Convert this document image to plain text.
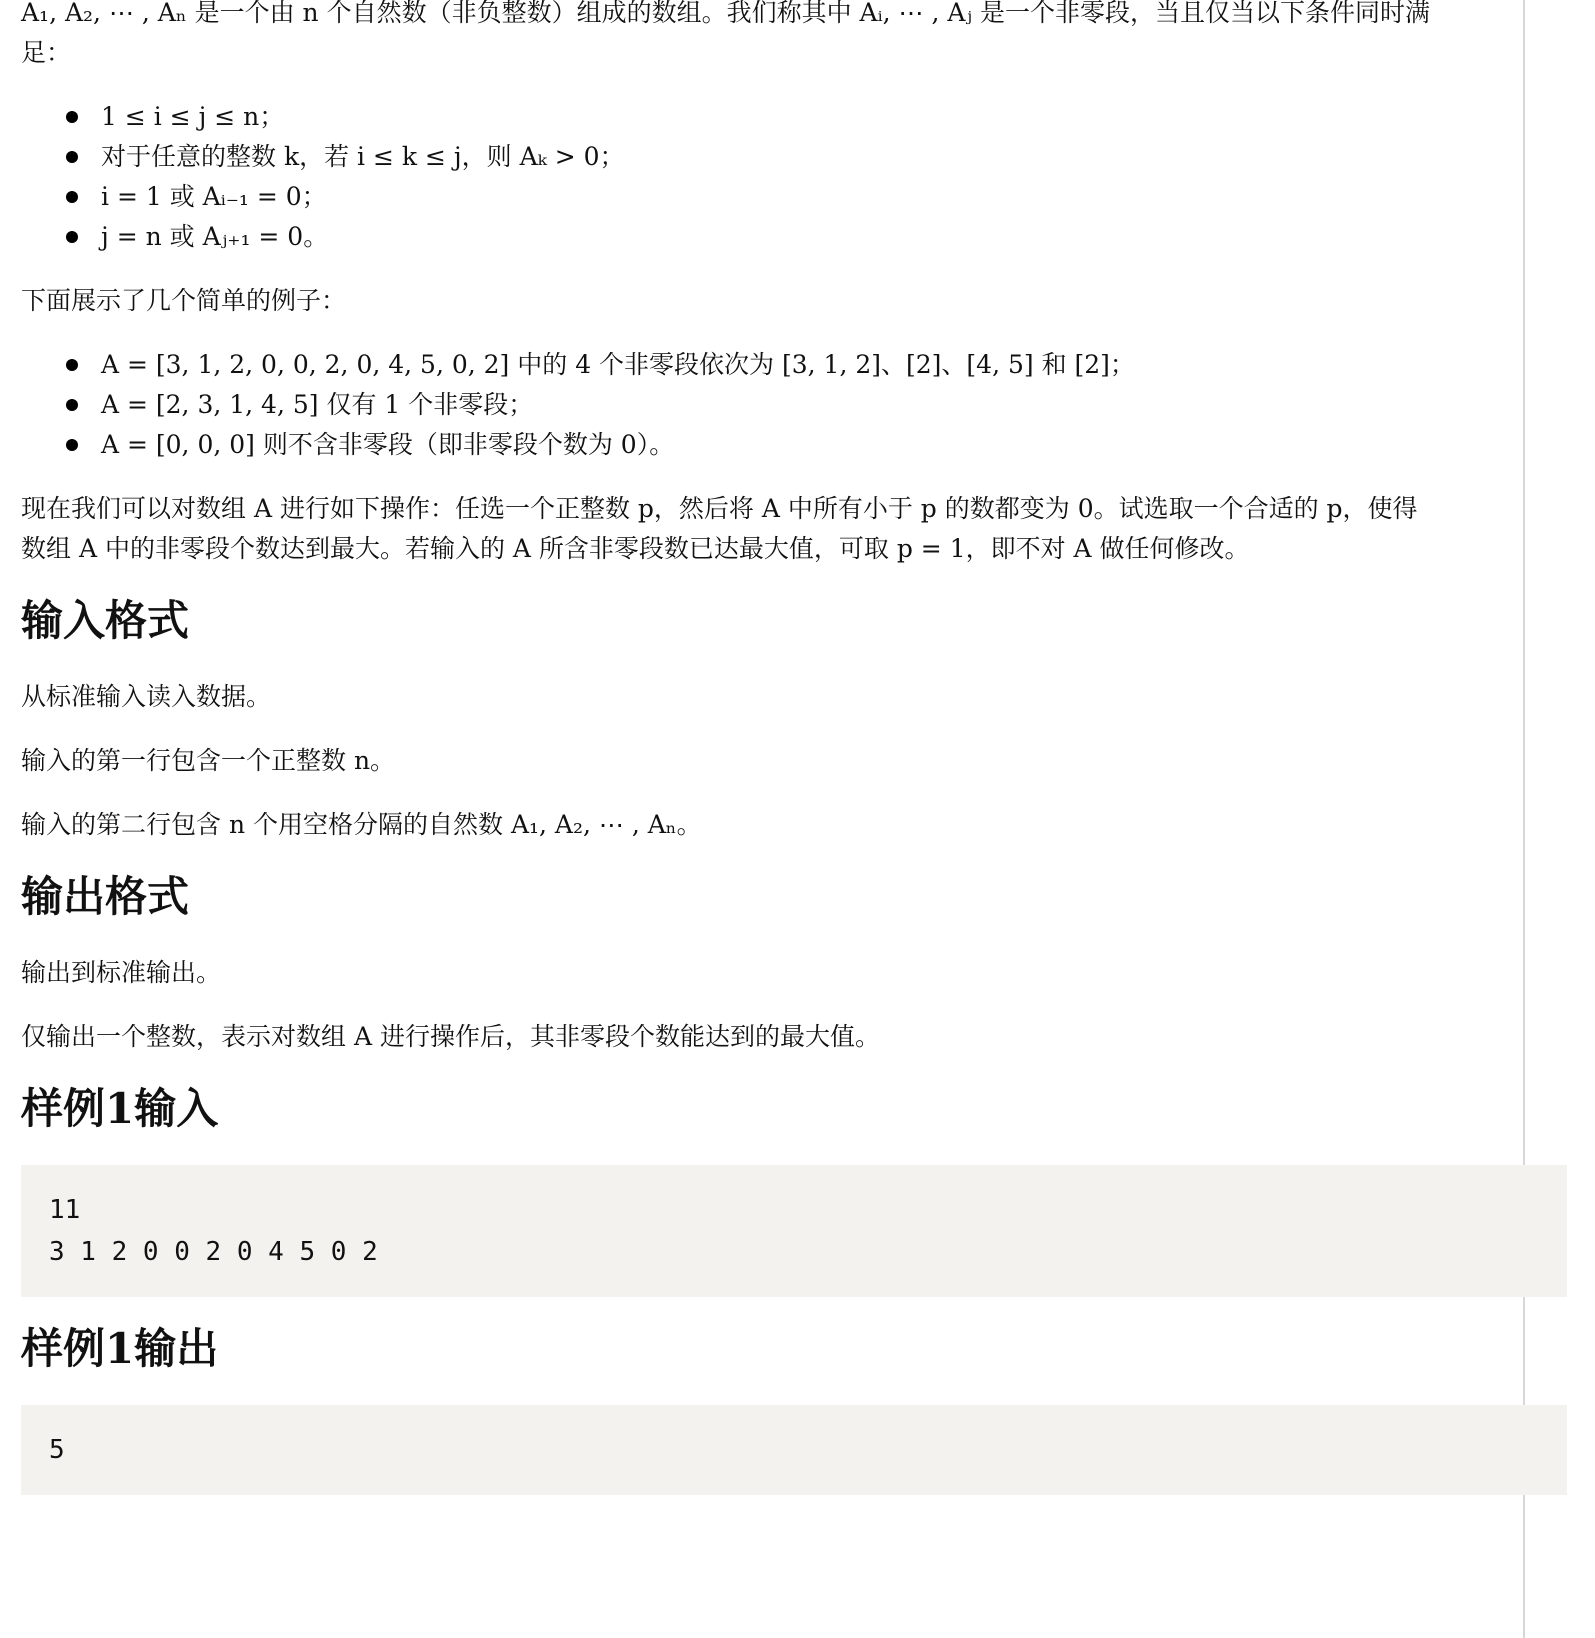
A₁, A₂, ⋯ , Aₙ 是一个由 n 个自然数（非负整数）组成的数组。我们称其中 Aᵢ, ⋯ , Aⱼ 是一个非零段，当且仅当以下条件同时满
足：

1 ≤ i ≤ j ≤ n；
对于任意的整数 k，若 i ≤ k ≤ j，则 Aₖ > 0；
i = 1 或 Aᵢ₋₁ = 0；
j = n 或 Aⱼ₊₁ = 0。

下面展示了几个简单的例子：

A = [3, 1, 2, 0, 0, 2, 0, 4, 5, 0, 2] 中的 4 个非零段依次为 [3, 1, 2]、[2]、[4, 5] 和 [2]；
A = [2, 3, 1, 4, 5] 仅有 1 个非零段；
A = [0, 0, 0] 则不含非零段（即非零段个数为 0）。

现在我们可以对数组 A 进行如下操作：任选一个正整数 p，然后将 A 中所有小于 p 的数都变为 0。试选取一个合适的 p，使得
数组 A 中的非零段个数达到最大。若输入的 A 所含非零段数已达最大值，可取 p = 1，即不对 A 做任何修改。

输入格式

从标准输入读入数据。

输入的第一行包含一个正整数 n。

输入的第二行包含 n 个用空格分隔的自然数 A₁, A₂, ⋯ , Aₙ。

输出格式

输出到标准输出。

仅输出一个整数，表示对数组 A 进行操作后，其非零段个数能达到的最大值。

样例1输入
11
3 1 2 0 0 2 0 4 5 0 2
样例1输出
5
